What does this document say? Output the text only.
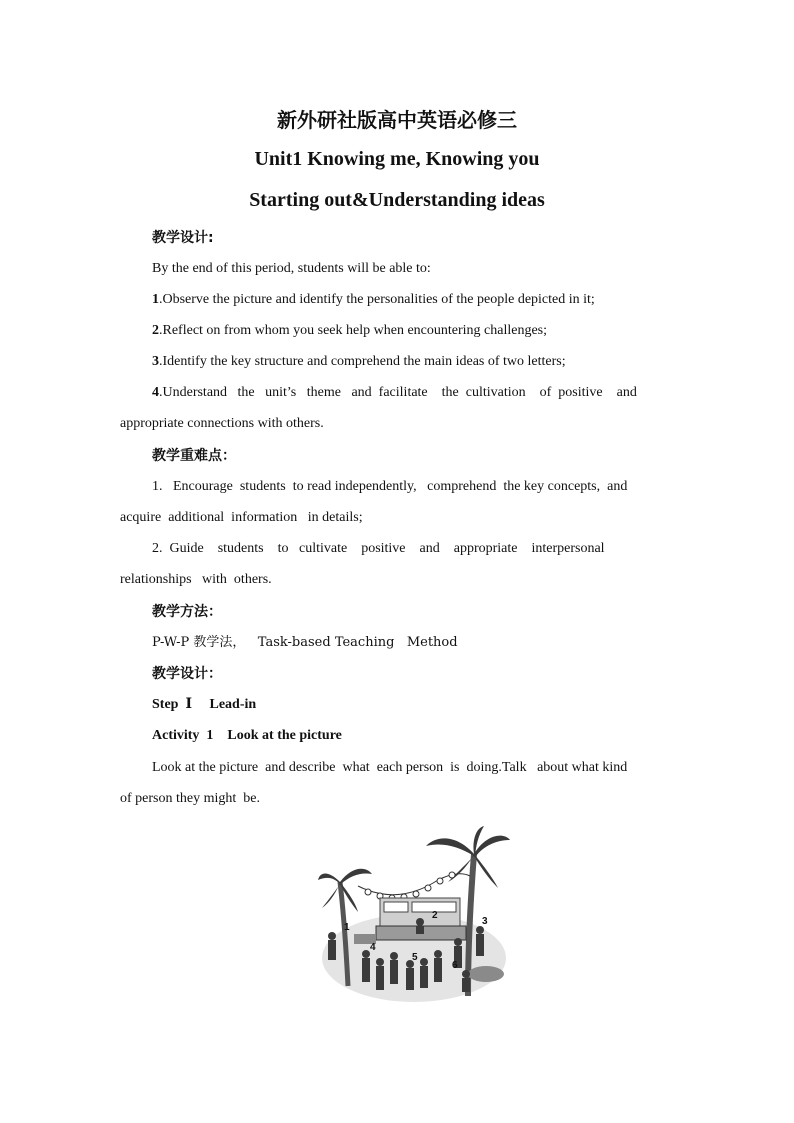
新外研社版高中英语必修三
Unit1 Knowing me, Knowing you
Starting out&Understanding ideas
教学设计:
By the end of this period, students will be able to:
1.Observe the picture and identify the personalities of the people depicted in it;
2.Reflect on from whom you seek help when encountering challenges;
3.Identify the key structure and comprehend the main ideas of two letters;
4.Understand   the   unit’s   theme   and  facilitate    the  cultivation    of  positive    and
appropriate connections with others.
教学重难点：
1.   Encourage  students  to read independently,   comprehend  the key concepts,  and
acquire  additional  information   in details;
2.  Guide    students    to   cultivate    positive    and    appropriate    interpersonal
relationships   with  others.
教学方法：
P-W-P 教学法，   Task-based Teaching   Method
教学设计：
Step  Ⅰ     Lead-in
Activity  1    Look at the picture
Look at the picture  and describe  what  each person  is  doing.Talk   about what kind
of person they might  be.
1
2
3
4
5
6
